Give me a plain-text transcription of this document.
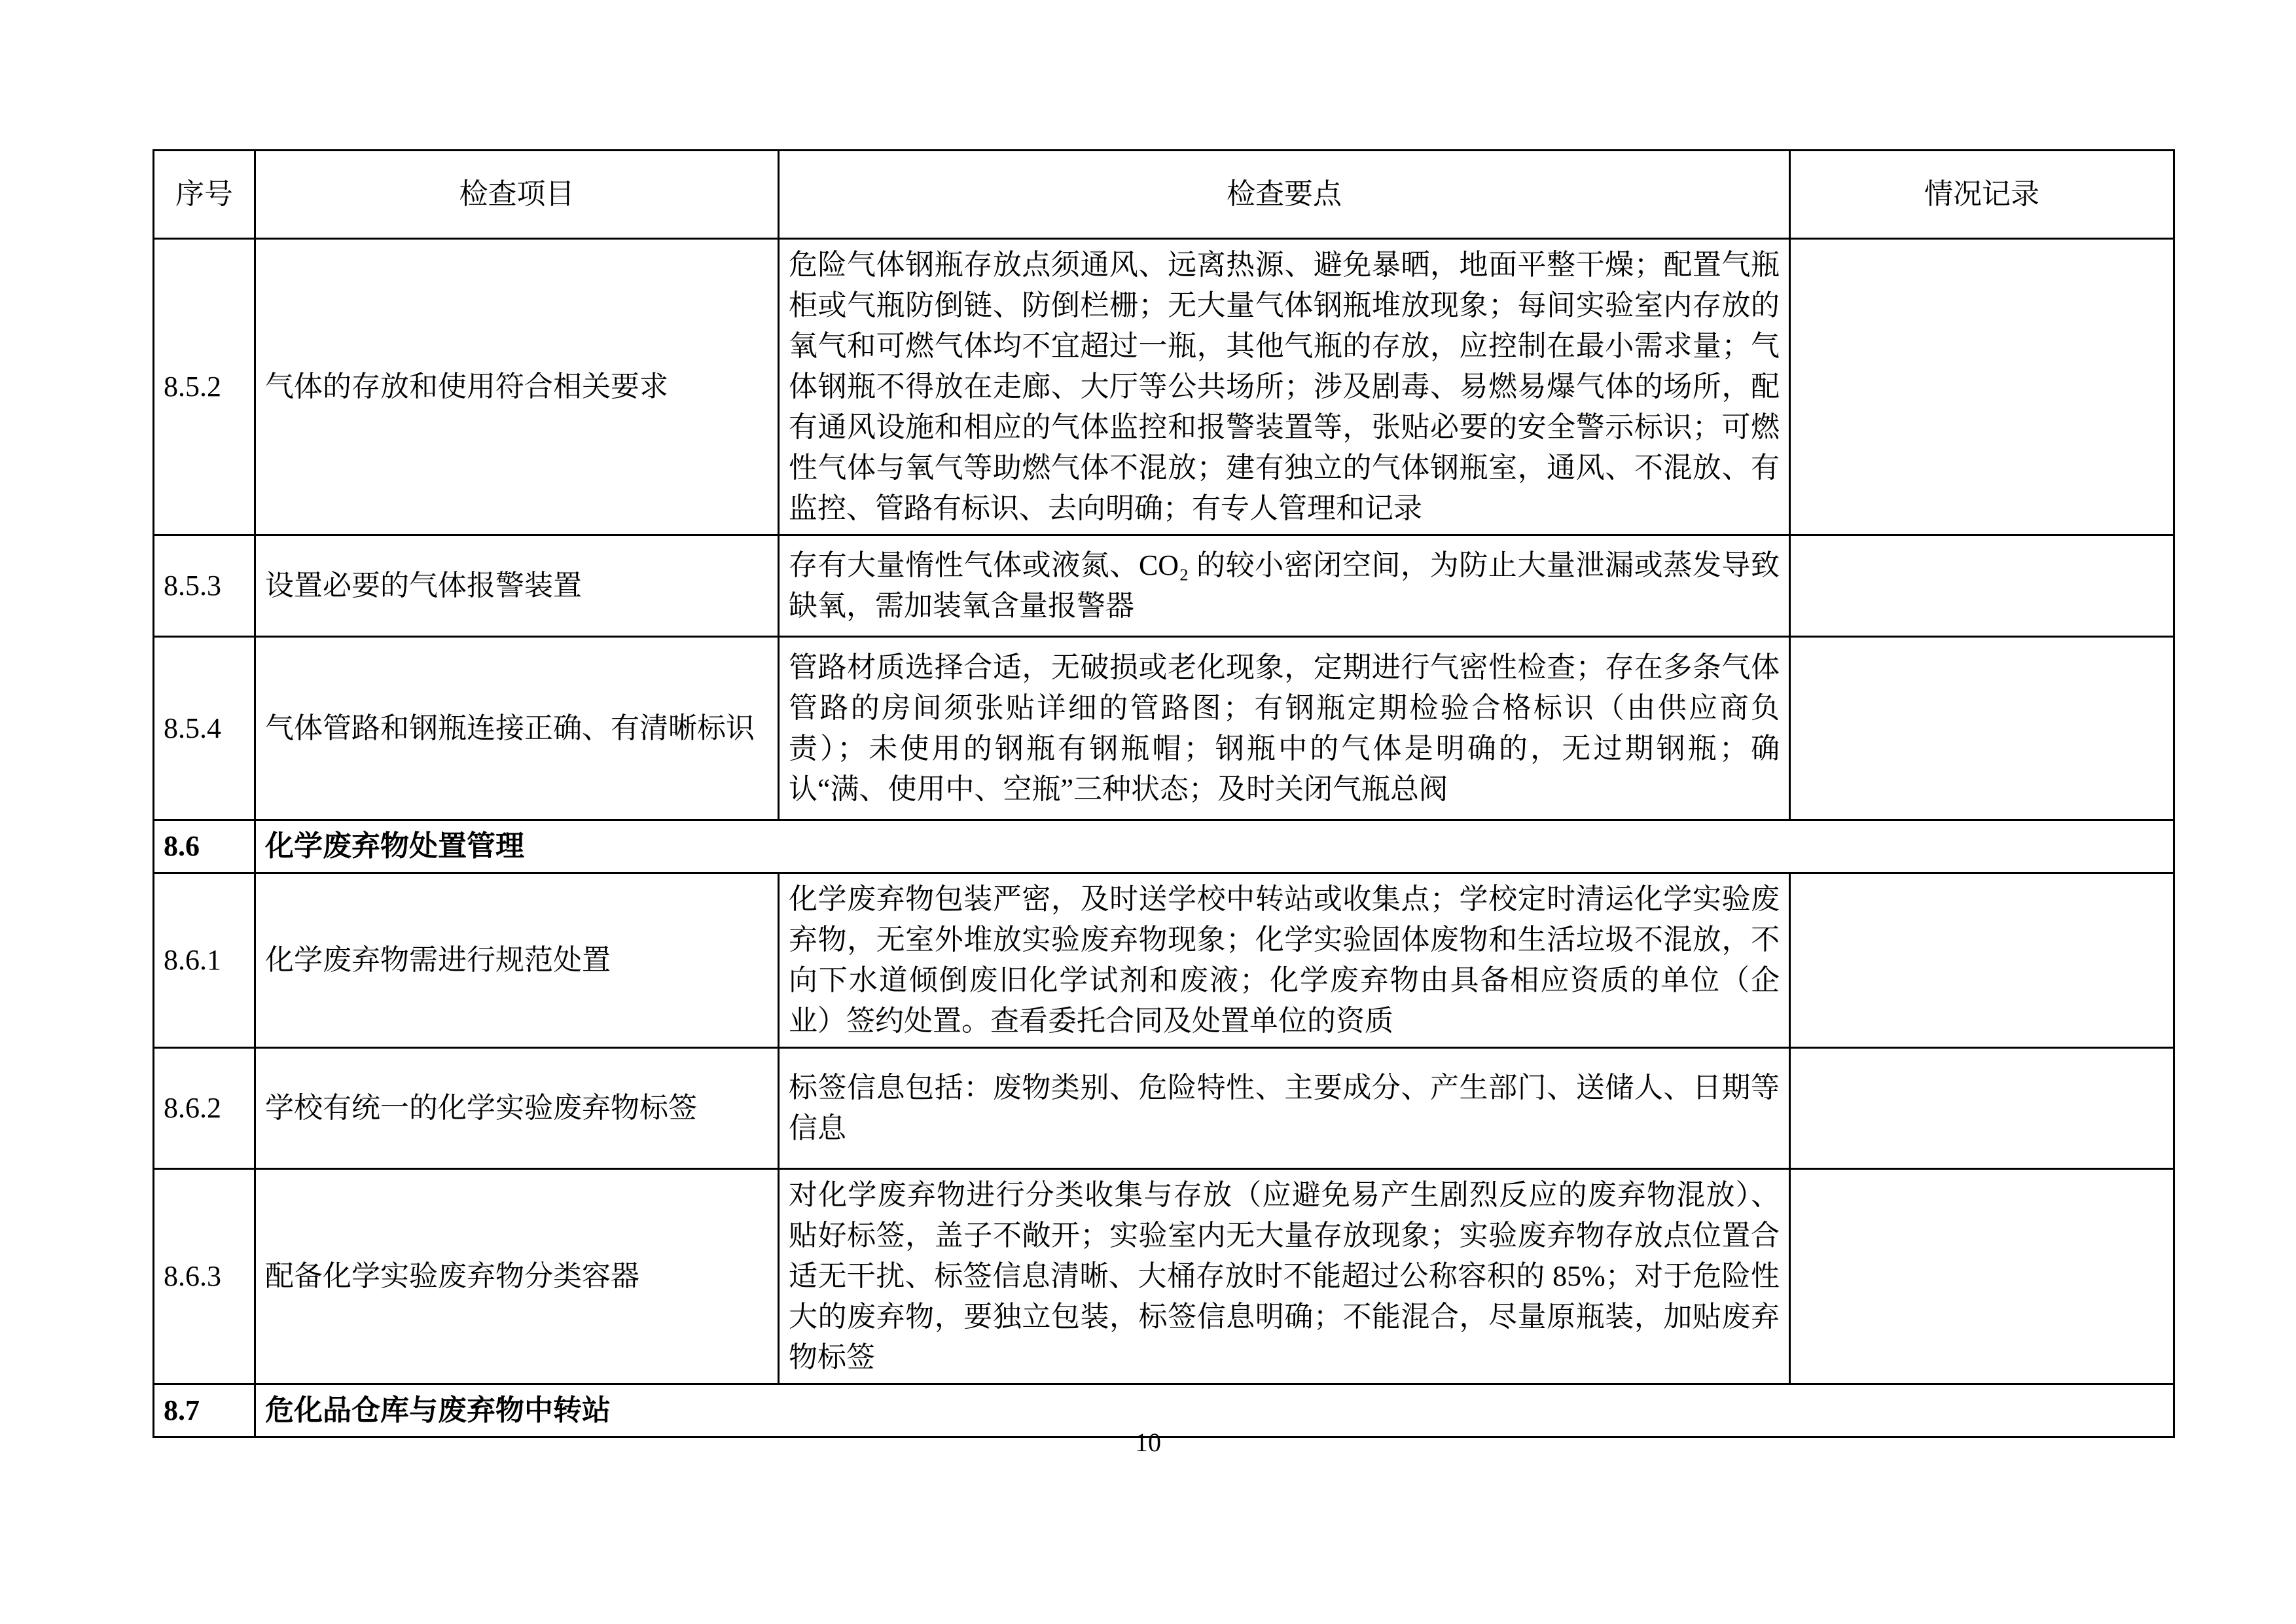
序号	检查项目	检查要点	情况记录
8.5.2	气体的存放和使用符合相关要求	危险气体钢瓶存放点须通风、远离热源、避免暴晒，地面平整干燥；配置气瓶柜或气瓶防倒链、防倒栏栅；无大量气体钢瓶堆放现象；每间实验室内存放的氧气和可燃气体均不宜超过一瓶，其他气瓶的存放，应控制在最小需求量；气体钢瓶不得放在走廊、大厅等公共场所；涉及剧毒、易燃易爆气体的场所，配有通风设施和相应的气体监控和报警装置等，张贴必要的安全警示标识；可燃性气体与氧气等助燃气体不混放；建有独立的气体钢瓶室，通风、不混放、有监控、管路有标识、去向明确；有专人管理和记录	
8.5.3	设置必要的气体报警装置	存有大量惰性气体或液氮、CO₂ 的较小密闭空间，为防止大量泄漏或蒸发导致缺氧，需加装氧含量报警器	
8.5.4	气体管路和钢瓶连接正确、有清晰标识	管路材质选择合适，无破损或老化现象，定期进行气密性检查；存在多条气体管路的房间须张贴详细的管路图；有钢瓶定期检验合格标识（由供应商负责）；未使用的钢瓶有钢瓶帽；钢瓶中的气体是明确的，无过期钢瓶；确认“满、使用中、空瓶”三种状态；及时关闭气瓶总阀	
8.6	化学废弃物处置管理		
8.6.1	化学废弃物需进行规范处置	化学废弃物包装严密，及时送学校中转站或收集点；学校定时清运化学实验废弃物，无室外堆放实验废弃物现象；化学实验固体废物和生活垃圾不混放，不向下水道倾倒废旧化学试剂和废液；化学废弃物由具备相应资质的单位（企业）签约处置。查看委托合同及处置单位的资质	
8.6.2	学校有统一的化学实验废弃物标签	标签信息包括：废物类别、危险特性、主要成分、产生部门、送储人、日期等信息	
8.6.3	配备化学实验废弃物分类容器	对化学废弃物进行分类收集与存放（应避免易产生剧烈反应的废弃物混放）、贴好标签，盖子不敞开；实验室内无大量存放现象；实验废弃物存放点位置合适无干扰、标签信息清晰、大桶存放时不能超过公称容积的 85%；对于危险性大的废弃物，要独立包装，标签信息明确；不能混合，尽量原瓶装，加贴废弃物标签	
8.7	危化品仓库与废弃物中转站		
10
